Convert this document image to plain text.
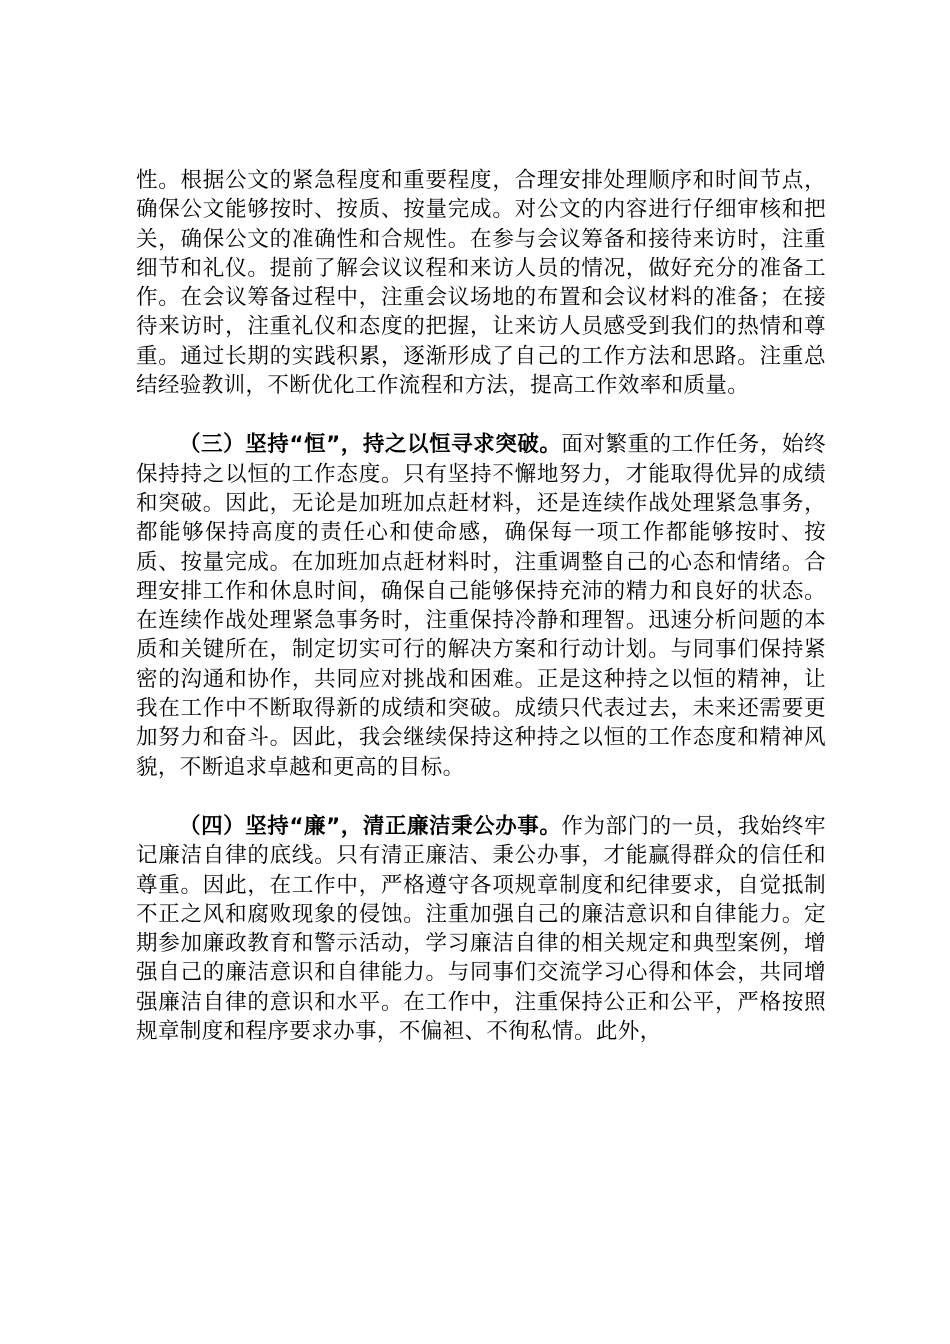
性。根据公文的紧急程度和重要程度，合理安排处理顺序和时间节点，确保公文能够按时、按质、按量完成。对公文的内容进行仔细审核和把关，确保公文的准确性和合规性。在参与会议筹备和接待来访时，注重细节和礼仪。提前了解会议议程和来访人员的情况，做好充分的准备工作。在会议筹备过程中，注重会议场地的布置和会议材料的准备；在接待来访时，注重礼仪和态度的把握，让来访人员感受到我们的热情和尊重。通过长期的实践积累，逐渐形成了自己的工作方法和思路。注重总结经验教训，不断优化工作流程和方法，提高工作效率和质量。

（三）坚持“恒”，持之以恒寻求突破。面对繁重的工作任务，始终保持持之以恒的工作态度。只有坚持不懈地努力，才能取得优异的成绩和突破。因此，无论是加班加点赶材料，还是连续作战处理紧急事务，都能够保持高度的责任心和使命感，确保每一项工作都能够按时、按质、按量完成。在加班加点赶材料时，注重调整自己的心态和情绪。合理安排工作和休息时间，确保自己能够保持充沛的精力和良好的状态。在连续作战处理紧急事务时，注重保持冷静和理智。迅速分析问题的本质和关键所在，制定切实可行的解决方案和行动计划。与同事们保持紧密的沟通和协作，共同应对挑战和困难。正是这种持之以恒的精神，让我在工作中不断取得新的成绩和突破。成绩只代表过去，未来还需要更加努力和奋斗。因此，我会继续保持这种持之以恒的工作态度和精神风貌，不断追求卓越和更高的目标。

（四）坚持“廉”，清正廉洁秉公办事。作为部门的一员，我始终牢记廉洁自律的底线。只有清正廉洁、秉公办事，才能赢得群众的信任和尊重。因此，在工作中，严格遵守各项规章制度和纪律要求，自觉抵制不正之风和腐败现象的侵蚀。注重加强自己的廉洁意识和自律能力。定期参加廉政教育和警示活动，学习廉洁自律的相关规定和典型案例，增强自己的廉洁意识和自律能力。与同事们交流学习心得和体会，共同增强廉洁自律的意识和水平。在工作中，注重保持公正和公平，严格按照规章制度和程序要求办事，不偏袒、不徇私情。此外，
